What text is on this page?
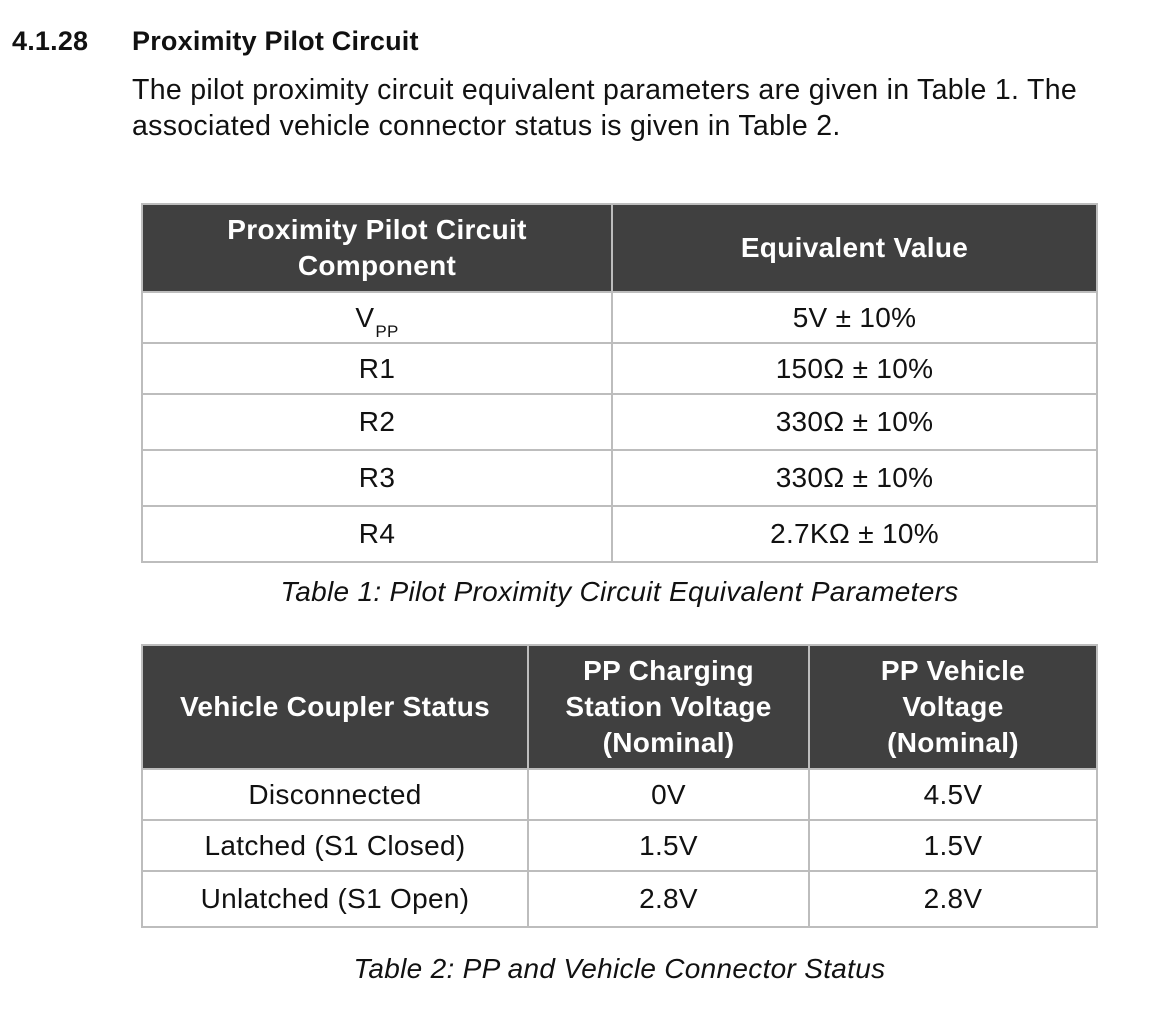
4.1.28 Proximity Pilot Circuit
The pilot proximity circuit equivalent parameters are given in Table 1. The associated vehicle connector status is given in Table 2.
Proximity Pilot Circuit Component	Equivalent Value
$V_{PP}$	5V ± 10%
R1	150Ω ± 10%
R2	330Ω ± 10%
R3	330Ω ± 10%
R4	2.7KΩ ± 10%
Table 1: Pilot Proximity Circuit Equivalent Parameters
Vehicle Coupler Status	PP Charging Station Voltage (Nominal)	PP Vehicle Voltage (Nominal)

Disconnected	0V	4.5V
Latched (S1 Closed)	1.5V	1.5V
Unlatched (S1 Open)	2.8V	2.8V
Table 2: PP and Vehicle Connector Status
